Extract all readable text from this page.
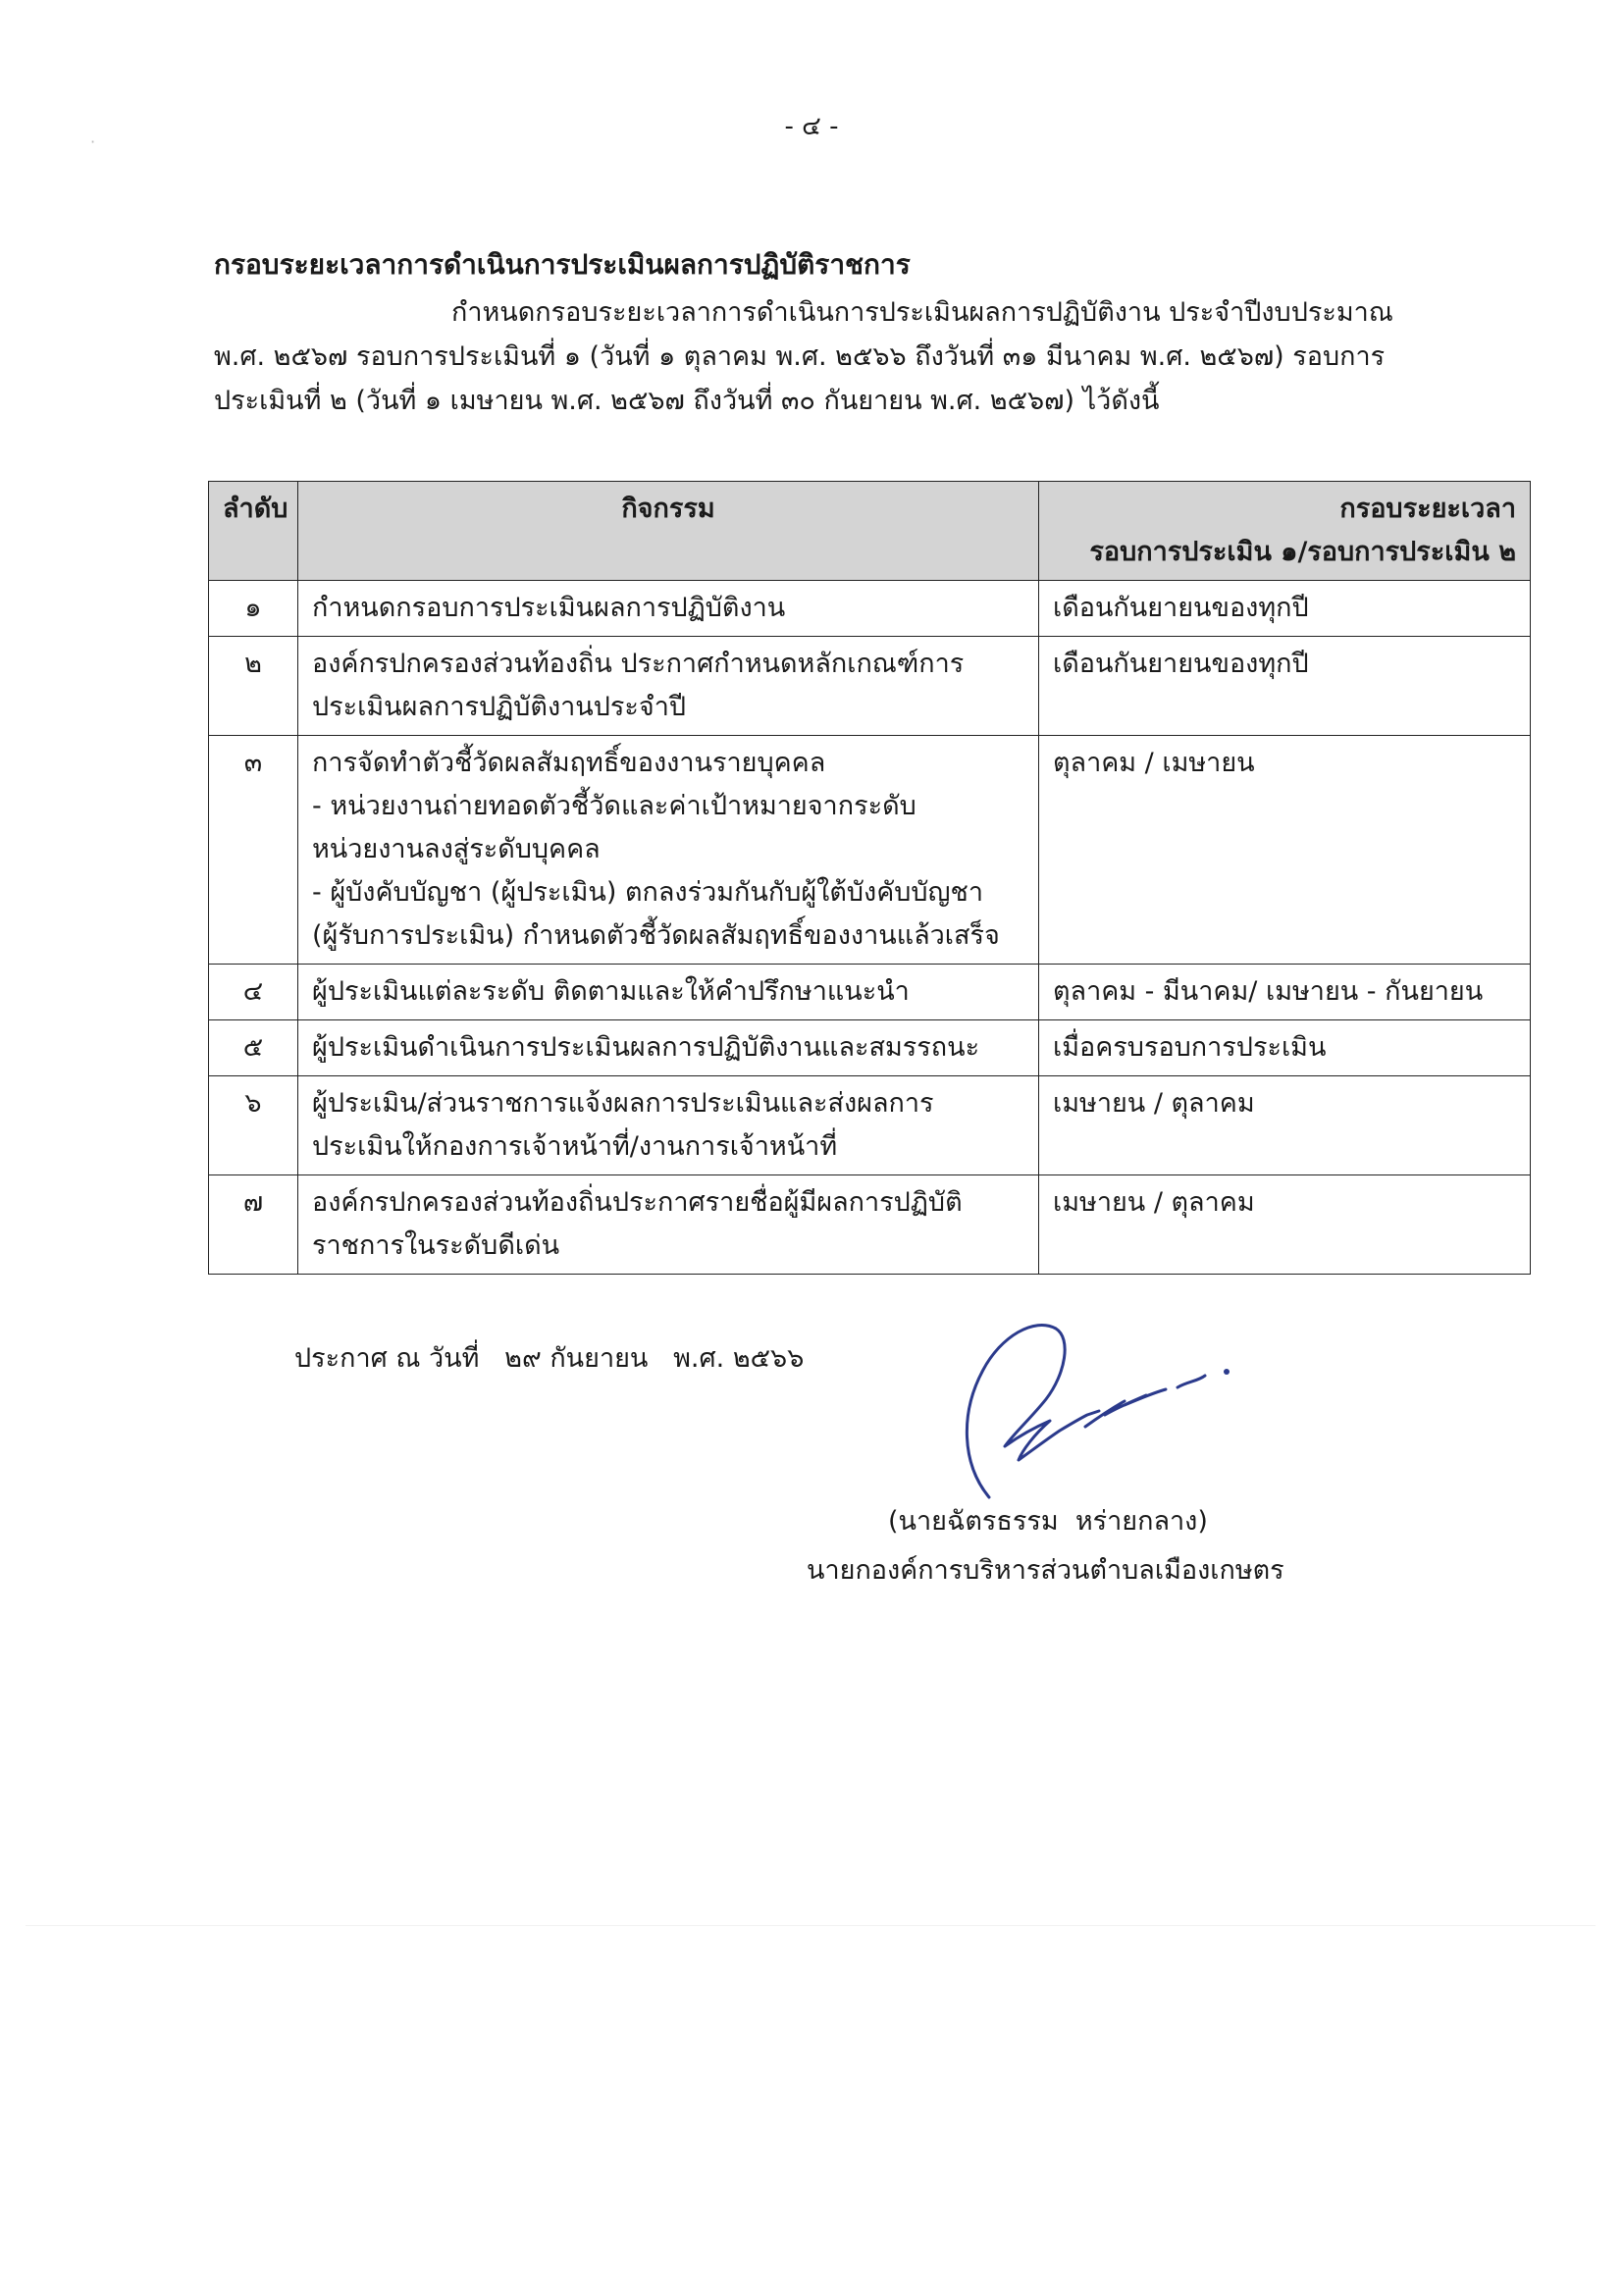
·
- ๔ -
กรอบระยะเวลาการดำเนินการประเมินผลการปฏิบัติราชการ

กำหนดกรอบระยะเวลาการดำเนินการประเมินผลการปฏิบัติงาน ประจำปีงบประมาณ

พ.ศ. ๒๕๖๗ รอบการประเมินที่ ๑ (วันที่ ๑ ตุลาคม พ.ศ. ๒๕๖๖ ถึงวันที่ ๓๑ มีนาคม พ.ศ. ๒๕๖๗) รอบการ

ประเมินที่ ๒ (วันที่ ๑ เมษายน พ.ศ. ๒๕๖๗ ถึงวันที่ ๓๐ กันยายน พ.ศ. ๒๕๖๗) ไว้ดังนี้

ลำดับ	กิจกรรม	กรอบระยะเวลา
รอบการประเมิน ๑/รอบการประเมิน ๒

๑	กำหนดกรอบการประเมินผลการปฏิบัติงาน	เดือนกันยายนของทุกปี
๒	องค์กรปกครองส่วนท้องถิ่น ประกาศกำหนดหลักเกณฑ์การ
ประเมินผลการปฏิบัติงานประจำปี	เดือนกันยายนของทุกปี
๓	การจัดทำตัวชี้วัดผลสัมฤทธิ์ของงานรายบุคคล
- หน่วยงานถ่ายทอดตัวชี้วัดและค่าเป้าหมายจากระดับ
หน่วยงานลงสู่ระดับบุคคล
- ผู้บังคับบัญชา (ผู้ประเมิน) ตกลงร่วมกันกับผู้ใต้บังคับบัญชา
(ผู้รับการประเมิน) กำหนดตัวชี้วัดผลสัมฤทธิ์ของงานแล้วเสร็จ	ตุลาคม / เมษายน
๔	ผู้ประเมินแต่ละระดับ ติดตามและให้คำปรึกษาแนะนำ	ตุลาคม - มีนาคม/ เมษายน - กันยายน
๕	ผู้ประเมินดำเนินการประเมินผลการปฏิบัติงานและสมรรถนะ	เมื่อครบรอบการประเมิน
๖	ผู้ประเมิน/ส่วนราชการแจ้งผลการประเมินและส่งผลการ
ประเมินให้กองการเจ้าหน้าที่/งานการเจ้าหน้าที่	เมษายน / ตุลาคม
๗	องค์กรปกครองส่วนท้องถิ่นประกาศรายชื่อผู้มีผลการปฏิบัติ
ราชการในระดับดีเด่น	เมษายน / ตุลาคม
ประกาศ ณ วันที่   ๒๙ กันยายน   พ.ศ. ๒๕๖๖
(นายฉัตรธรรม  หร่ายกลาง)
นายกองค์การบริหารส่วนตำบลเมืองเกษตร
